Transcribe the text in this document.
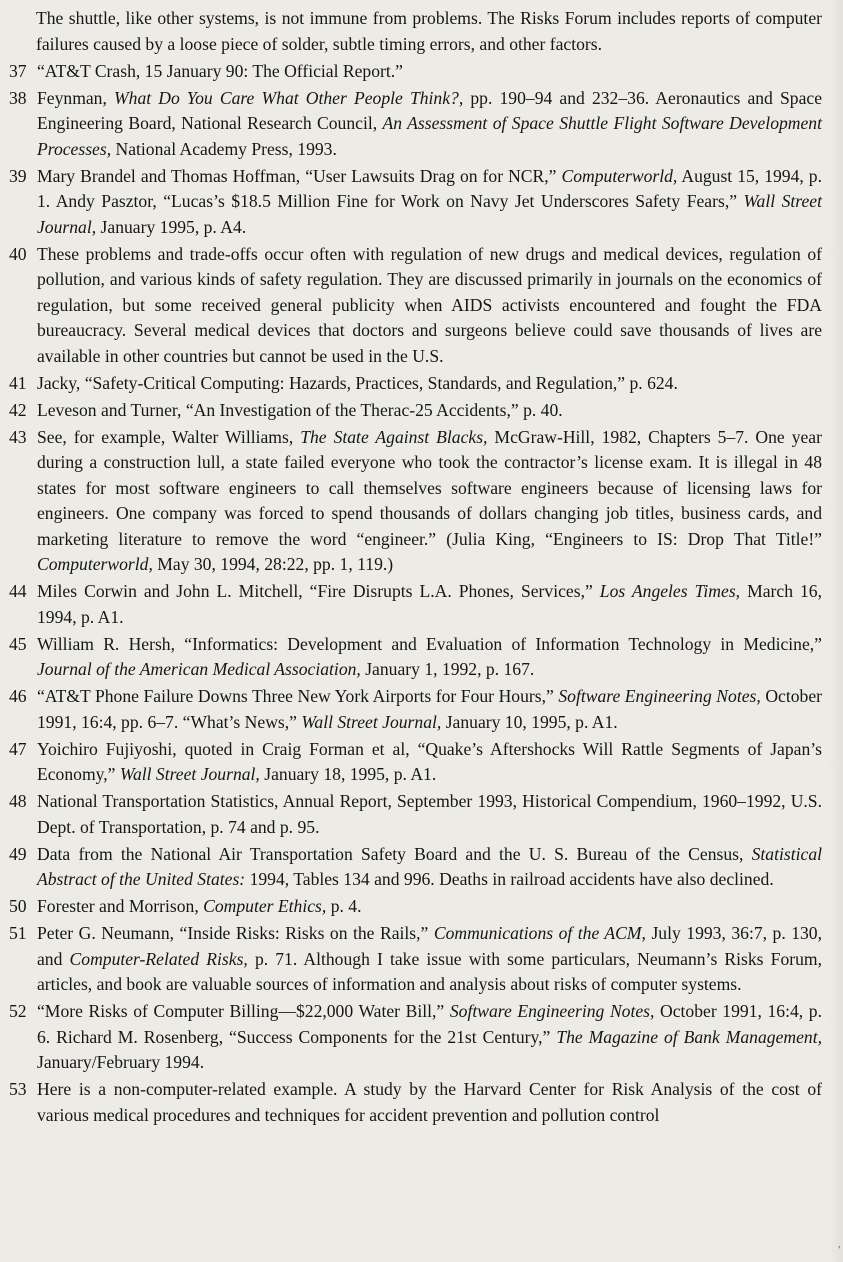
The shuttle, like other systems, is not immune from problems. The Risks Forum includes reports of computer failures caused by a loose piece of solder, subtle timing errors, and other factors.
37 “AT&T Crash, 15 January 90: The Official Report.”
38 Feynman, What Do You Care What Other People Think?, pp. 190–94 and 232–36. Aeronautics and Space Engineering Board, National Research Council, An Assessment of Space Shuttle Flight Software Development Processes, National Academy Press, 1993.
39 Mary Brandel and Thomas Hoffman, “User Lawsuits Drag on for NCR,” Computerworld, August 15, 1994, p. 1. Andy Pasztor, “Lucas’s $18.5 Million Fine for Work on Navy Jet Underscores Safety Fears,” Wall Street Journal, January 1995, p. A4.
40 These problems and trade-offs occur often with regulation of new drugs and medical devices, regulation of pollution, and various kinds of safety regulation. They are discussed primarily in journals on the economics of regulation, but some received general publicity when AIDS activists encountered and fought the FDA bureaucracy. Several medical devices that doctors and surgeons believe could save thousands of lives are available in other countries but cannot be used in the U.S.
41 Jacky, “Safety-Critical Computing: Hazards, Practices, Standards, and Regulation,” p. 624.
42 Leveson and Turner, “An Investigation of the Therac-25 Accidents,” p. 40.
43 See, for example, Walter Williams, The State Against Blacks, McGraw-Hill, 1982, Chapters 5–7. One year during a construction lull, a state failed everyone who took the contractor’s license exam. It is illegal in 48 states for most software engineers to call themselves software engineers because of licensing laws for engineers. One company was forced to spend thousands of dollars changing job titles, business cards, and marketing literature to remove the word “engineer.” (Julia King, “Engineers to IS: Drop That Title!” Computerworld, May 30, 1994, 28:22, pp. 1, 119.)
44 Miles Corwin and John L. Mitchell, “Fire Disrupts L.A. Phones, Services,” Los Angeles Times, March 16, 1994, p. A1.
45 William R. Hersh, “Informatics: Development and Evaluation of Information Technology in Medicine,” Journal of the American Medical Association, January 1, 1992, p. 167.
46 “AT&T Phone Failure Downs Three New York Airports for Four Hours,” Software Engineering Notes, October 1991, 16:4, pp. 6–7. “What’s News,” Wall Street Journal, January 10, 1995, p. A1.
47 Yoichiro Fujiyoshi, quoted in Craig Forman et al, “Quake’s Aftershocks Will Rattle Segments of Japan’s Economy,” Wall Street Journal, January 18, 1995, p. A1.
48 National Transportation Statistics, Annual Report, September 1993, Historical Compendium, 1960–1992, U.S. Dept. of Transportation, p. 74 and p. 95.
49 Data from the National Air Transportation Safety Board and the U. S. Bureau of the Census, Statistical Abstract of the United States: 1994, Tables 134 and 996. Deaths in railroad accidents have also declined.
50 Forester and Morrison, Computer Ethics, p. 4.
51 Peter G. Neumann, “Inside Risks: Risks on the Rails,” Communications of the ACM, July 1993, 36:7, p. 130, and Computer-Related Risks, p. 71. Although I take issue with some particulars, Neumann’s Risks Forum, articles, and book are valuable sources of information and analysis about risks of computer systems.
52 “More Risks of Computer Billing—$22,000 Water Bill,” Software Engineering Notes, October 1991, 16:4, p. 6. Richard M. Rosenberg, “Success Components for the 21st Century,” The Magazine of Bank Management, January/February 1994.
53 Here is a non-computer-related example. A study by the Harvard Center for Risk Analysis of the cost of various medical procedures and techniques for accident prevention and pollution control
'
